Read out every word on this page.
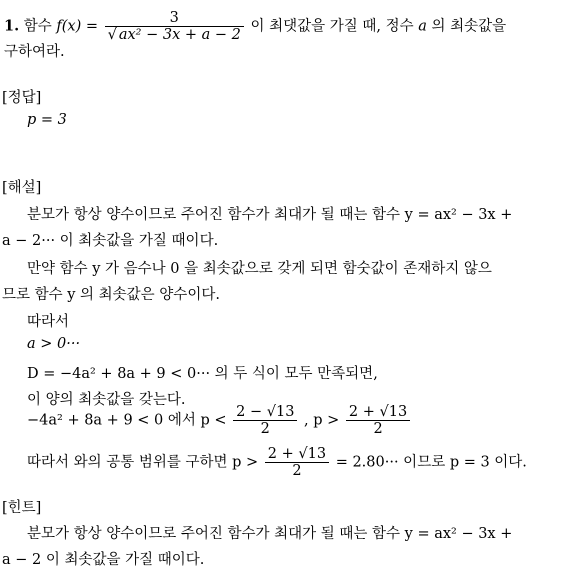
1. 함수 $f(x) = \frac{3}{\text{√ ax² − 3x + a − 2}}$ 이 최댓값을 가질 때, 정수 a 의 최솟값을
구하여라.
[정답]
p = 3
[해설]
분모가 항상 양수이므로 주어진 함수가 최대가 될 때는 함수 y = ax² − 3x +
a − 2··· 이 최솟값을 가질 때이다.
만약 함수 y 가 음수나 0 을 최솟값으로 갖게 되면 함숫값이 존재하지 않으
므로 함수 y 의 최솟값은 양수이다.
따라서
a > 0···
D = −4a² + 8a + 9 < 0··· 의 두 식이 모두 만족되면,
이 양의 최솟값을 갖는다.
−4a² + 8a + 9 < 0 에서 $p < \frac{2 - √13}{2}$ , $p > \frac{2 + √13}{2}$
따라서 와의 공통 범위를 구하면 $p > \frac{2 + √13}{2} = 2.80\cdot\cdot\cdot$ 이므로 p = 3 이다.
[힌트]
분모가 항상 양수이므로 주어진 함수가 최대가 될 때는 함수 y = ax² − 3x +
a − 2 이 최솟값을 가질 때이다.
